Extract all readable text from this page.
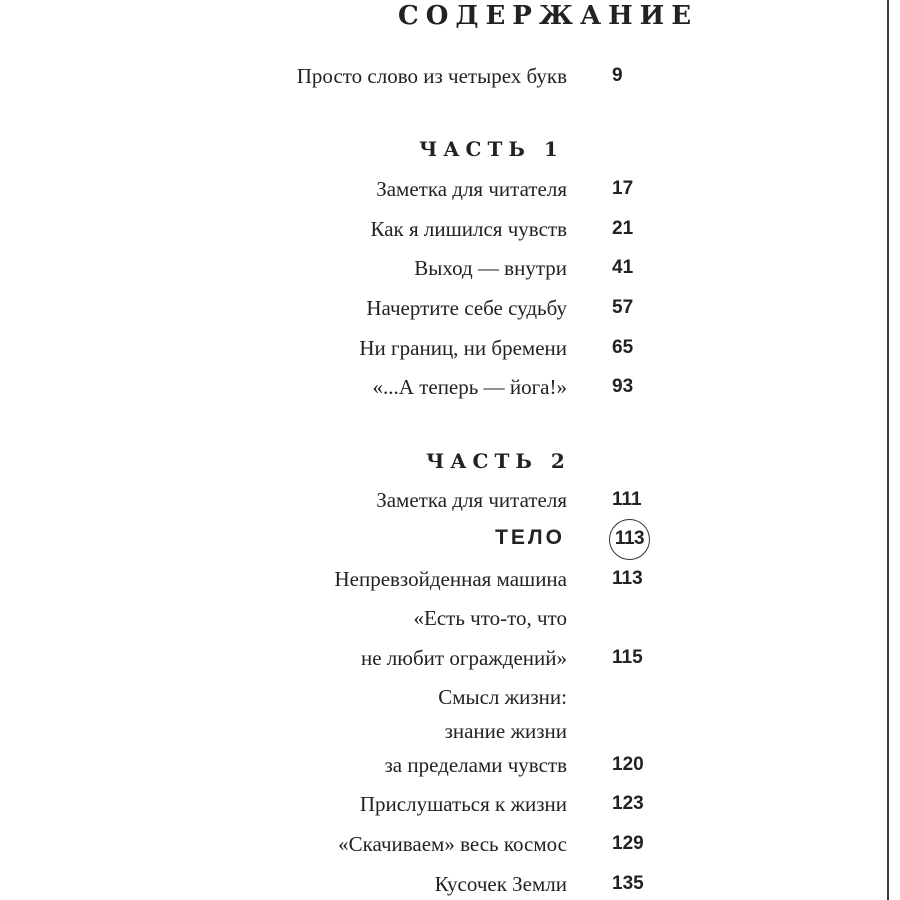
СОДЕРЖАНИЕ
Просто слово из четырех букв 9
ЧАСТЬ 1
Заметка для читателя 17
Как я лишился чувств 21
Выход — внутри 41
Начертите себе судьбу 57
Ни границ, ни бремени 65
«...А теперь — йога!» 93
ЧАСТЬ 2
Заметка для читателя 111
ТЕЛО	113
Непревзойденная машина 113
«Есть что-то, что
не любит ограждений» 115
Смысл жизни:
знание жизни
за пределами чувств 120
Прислушаться к жизни 123
«Скачиваем» весь космос 129
Кусочек Земли 135
